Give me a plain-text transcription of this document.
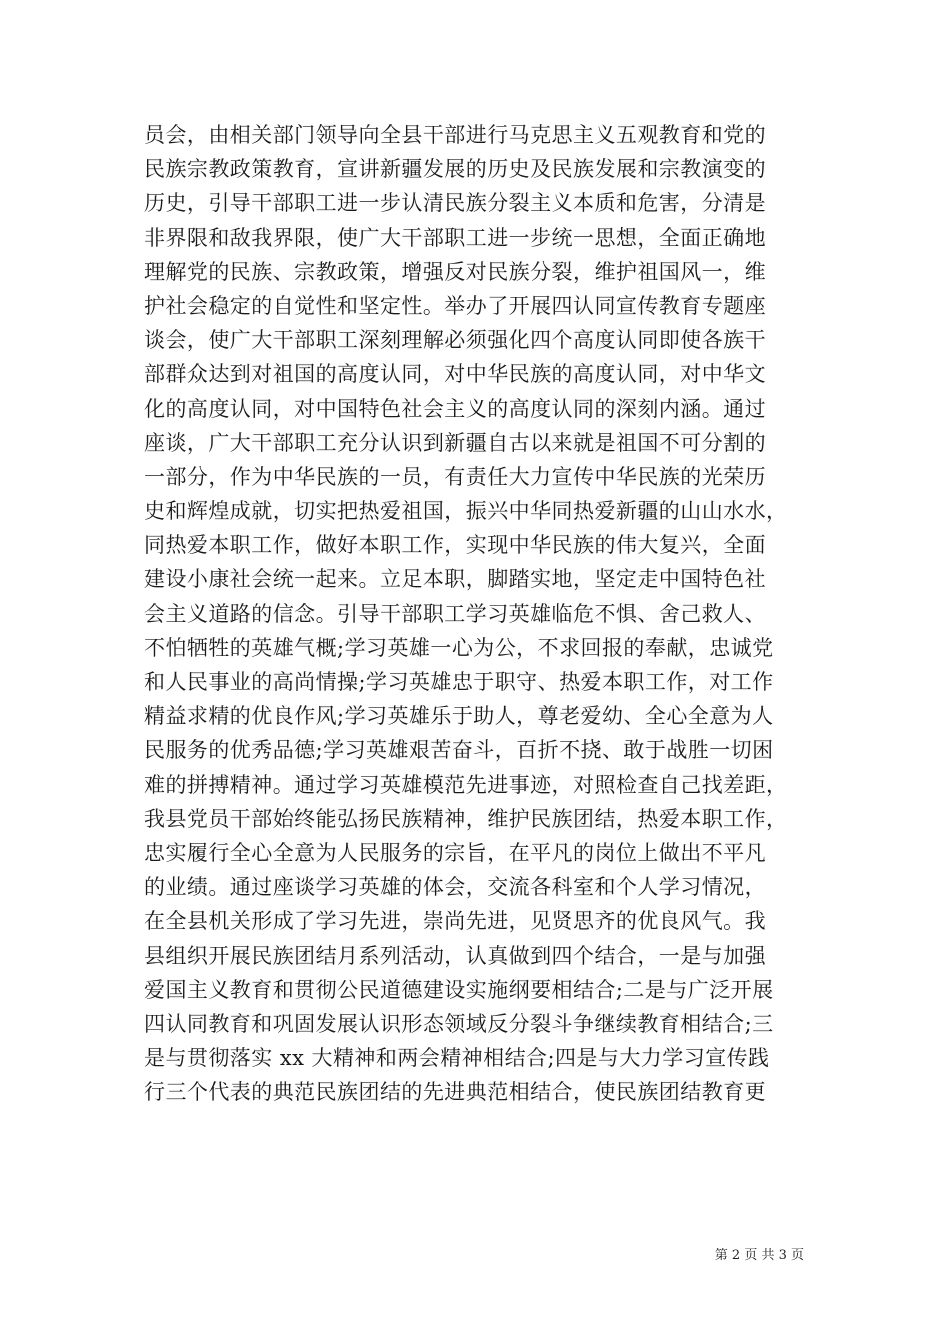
员会，由相关部门领导向全县干部进行马克思主义五观教育和党的
民族宗教政策教育，宣讲新疆发展的历史及民族发展和宗教演变的
历史，引导干部职工进一步认清民族分裂主义本质和危害，分清是
非界限和敌我界限，使广大干部职工进一步统一思想，全面正确地
理解党的民族、宗教政策，增强反对民族分裂，维护祖国风一，维
护社会稳定的自觉性和坚定性。举办了开展四认同宣传教育专题座
谈会，使广大干部职工深刻理解必须强化四个高度认同即使各族干
部群众达到对祖国的高度认同，对中华民族的高度认同，对中华文
化的高度认同，对中国特色社会主义的高度认同的深刻内涵。通过
座谈，广大干部职工充分认识到新疆自古以来就是祖国不可分割的
一部分，作为中华民族的一员，有责任大力宣传中华民族的光荣历
史和辉煌成就，切实把热爱祖国，振兴中华同热爱新疆的山山水水，
同热爱本职工作，做好本职工作，实现中华民族的伟大复兴，全面
建设小康社会统一起来。立足本职，脚踏实地，坚定走中国特色社
会主义道路的信念。引导干部职工学习英雄临危不惧、舍己救人、
不怕牺牲的英雄气概;学习英雄一心为公，不求回报的奉献，忠诚党
和人民事业的高尚情操;学习英雄忠于职守、热爱本职工作，对工作
精益求精的优良作风;学习英雄乐于助人，尊老爱幼、全心全意为人
民服务的优秀品德;学习英雄艰苦奋斗，百折不挠、敢于战胜一切困
难的拼搏精神。通过学习英雄模范先进事迹，对照检查自己找差距，
我县党员干部始终能弘扬民族精神，维护民族团结，热爱本职工作，
忠实履行全心全意为人民服务的宗旨，在平凡的岗位上做出不平凡
的业绩。通过座谈学习英雄的体会，交流各科室和个人学习情况，
在全县机关形成了学习先进，崇尚先进，见贤思齐的优良风气。我
县组织开展民族团结月系列活动，认真做到四个结合，一是与加强
爱国主义教育和贯彻公民道德建设实施纲要相结合;二是与广泛开展
四认同教育和巩固发展认识形态领域反分裂斗争继续教育相结合;三
是与贯彻落实 xx 大精神和两会精神相结合;四是与大力学习宣传践
行三个代表的典范民族团结的先进典范相结合，使民族团结教育更
第 2 页 共 3 页
